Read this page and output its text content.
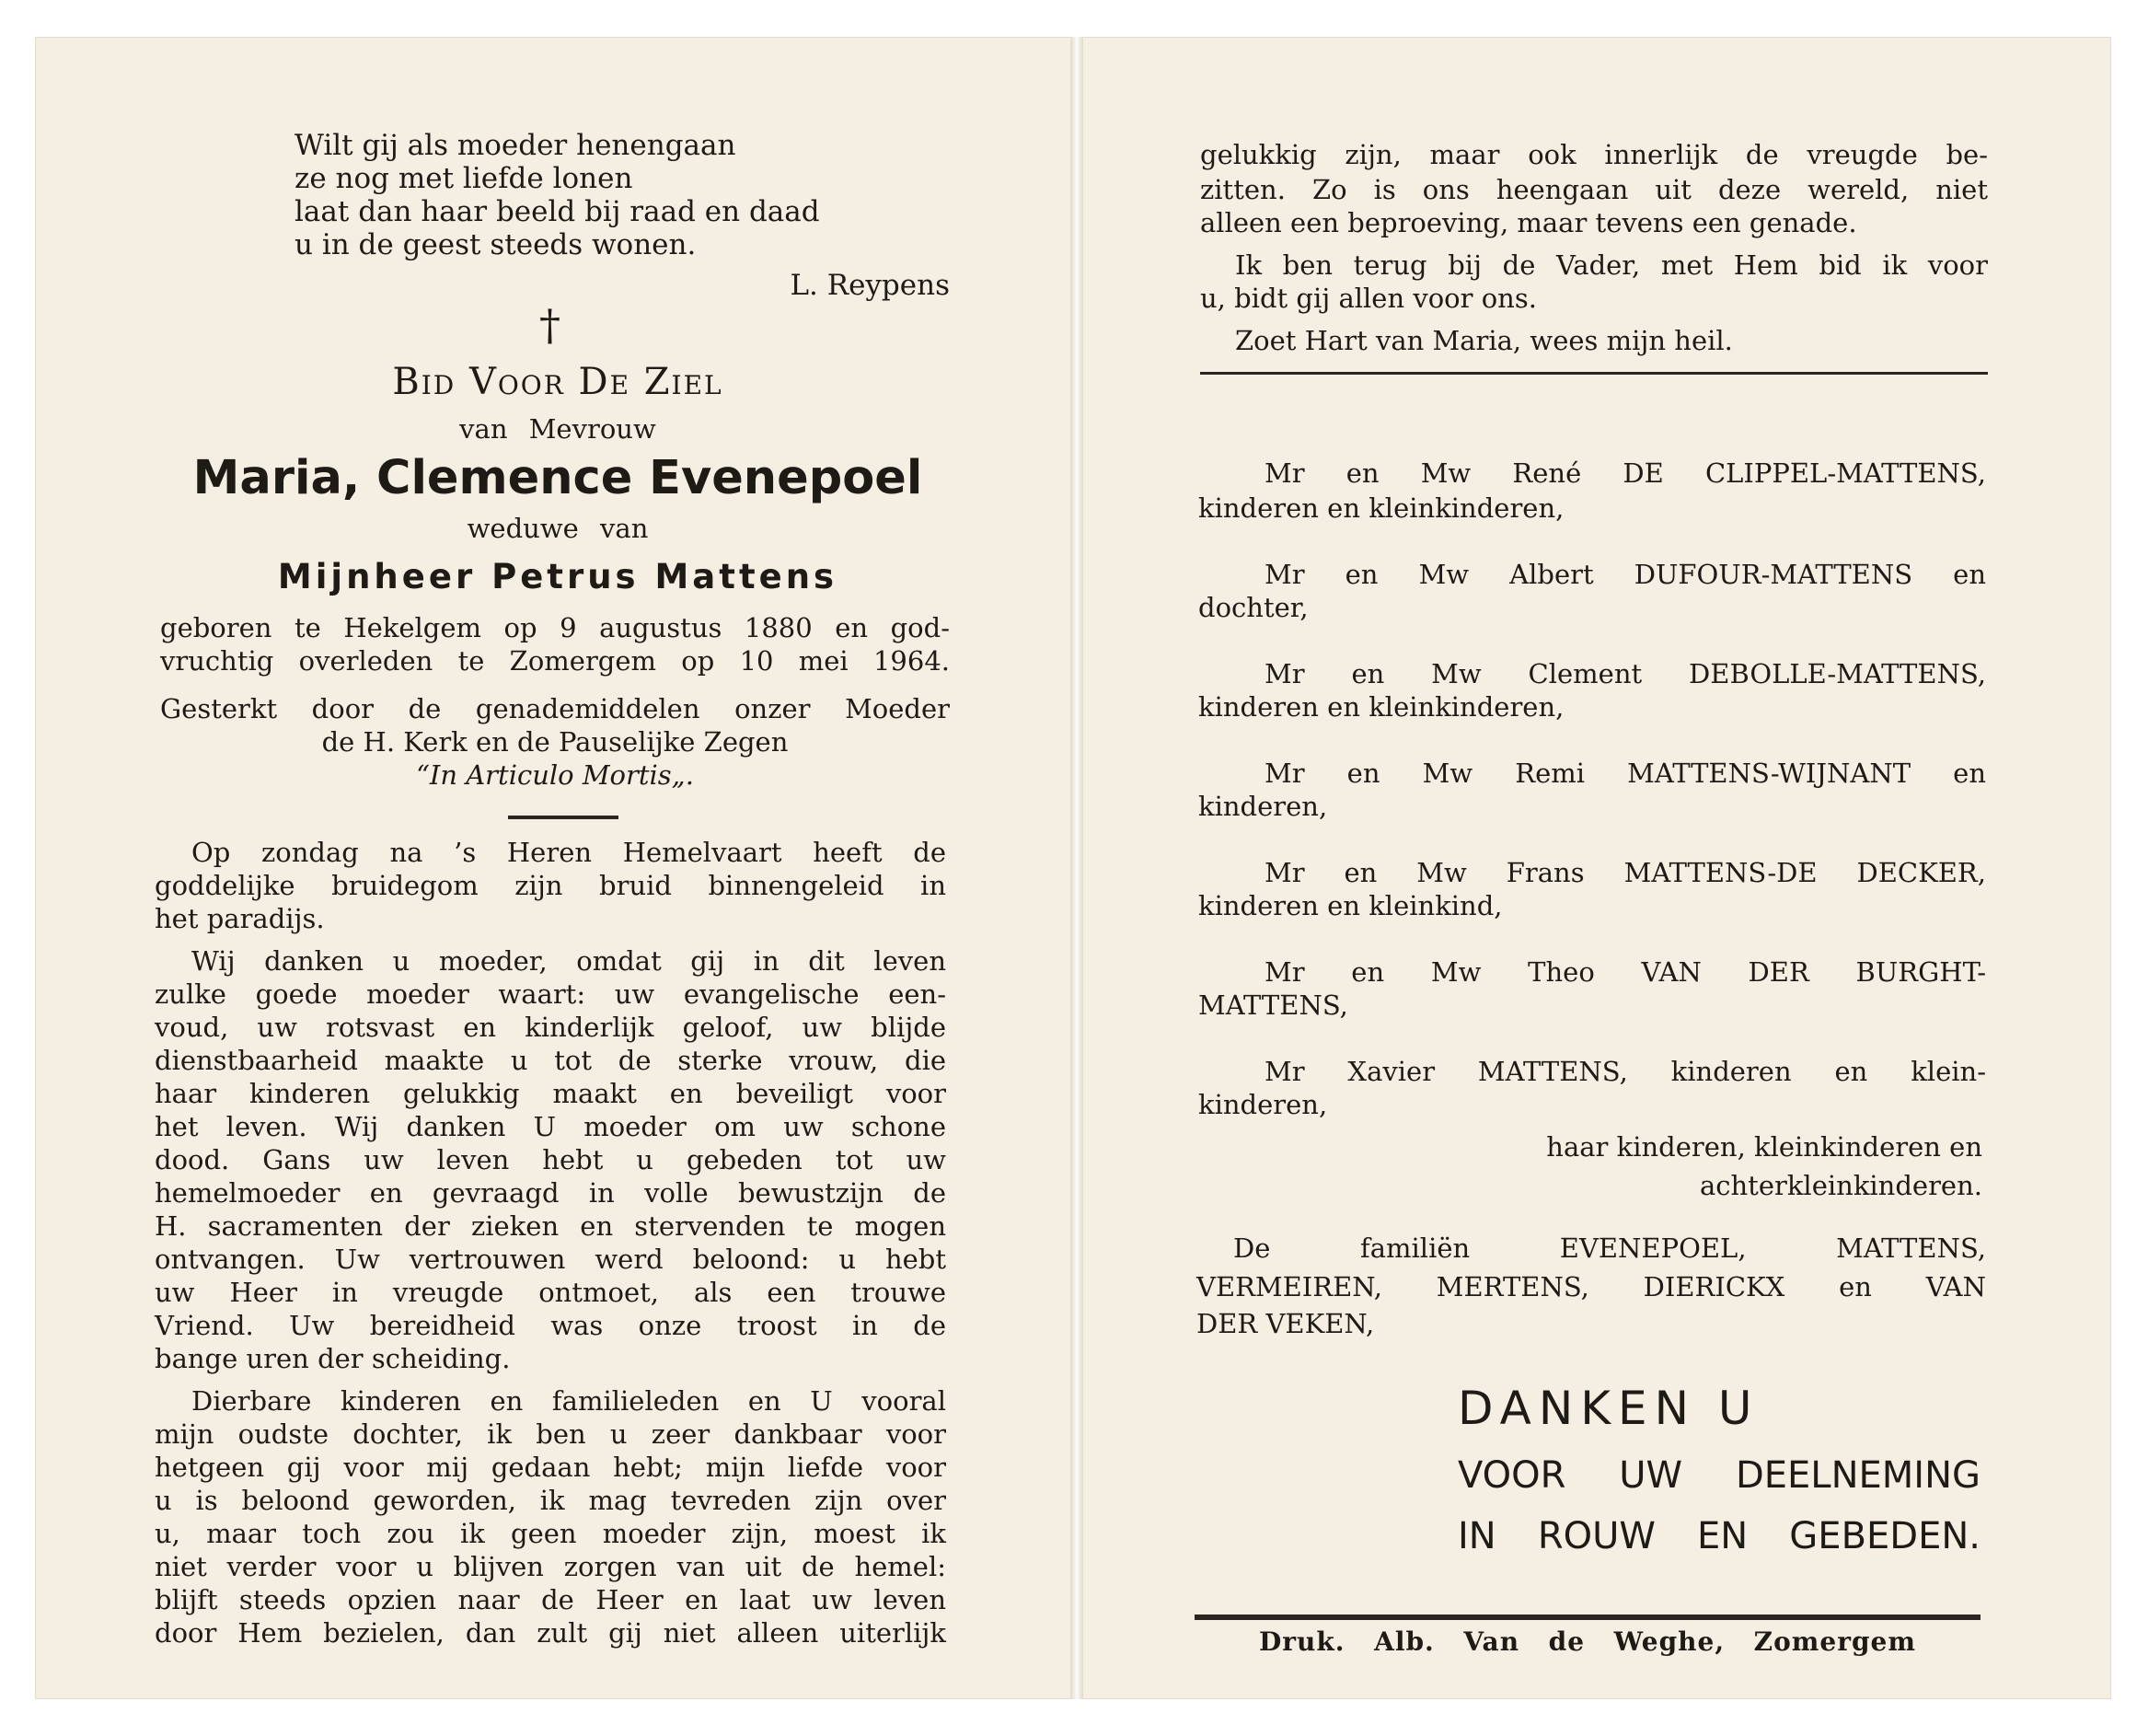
Wilt gij als moeder henengaan
ze nog met liefde lonen
laat dan haar beeld bij raad en daad
u in de geest steeds wonen.
L. Reypens
†
Bid Voor De Ziel
van Mevrouw
Maria, Clemence Evenepoel
weduwe van
Mijnheer Petrus Mattens
geboren te Hekelgem op 9 augustus 1880 en god-
vruchtig overleden te Zomergem op 10 mei 1964.
Gesterkt door de genademiddelen onzer Moeder
de H. Kerk en de Pauselijke Zegen
“In Articulo Mortis„.
Op zondag na ’s Heren Hemelvaart heeft de
goddelijke bruidegom zijn bruid binnengeleid in
het paradijs.
Wij danken u moeder, omdat gij in dit leven
zulke goede moeder waart: uw evangelische een-
voud, uw rotsvast en kinderlijk geloof, uw blijde
dienstbaarheid maakte u tot de sterke vrouw, die
haar kinderen gelukkig maakt en beveiligt voor
het leven. Wij danken U moeder om uw schone
dood. Gans uw leven hebt u gebeden tot uw
hemelmoeder en gevraagd in volle bewustzijn de
H. sacramenten der zieken en stervenden te mogen
ontvangen. Uw vertrouwen werd beloond: u hebt
uw Heer in vreugde ontmoet, als een trouwe
Vriend. Uw bereidheid was onze troost in de
bange uren der scheiding.
Dierbare kinderen en familieleden en U vooral
mijn oudste dochter, ik ben u zeer dankbaar voor
hetgeen gij voor mij gedaan hebt; mijn liefde voor
u is beloond geworden, ik mag tevreden zijn over
u, maar toch zou ik geen moeder zijn, moest ik
niet verder voor u blijven zorgen van uit de hemel:
blijft steeds opzien naar de Heer en laat uw leven
door Hem bezielen, dan zult gij niet alleen uiterlijk
gelukkig zijn, maar ook innerlijk de vreugde be-
zitten. Zo is ons heengaan uit deze wereld, niet
alleen een beproeving, maar tevens een genade.
Ik ben terug bij de Vader, met Hem bid ik voor
u, bidt gij allen voor ons.
Zoet Hart van Maria, wees mijn heil.
Mr en Mw René DE CLIPPEL-MATTENS,
kinderen en kleinkinderen,
Mr en Mw Albert DUFOUR-MATTENS en
dochter,
Mr en Mw Clement DEBOLLE-MATTENS,
kinderen en kleinkinderen,
Mr en Mw Remi MATTENS-WIJNANT en
kinderen,
Mr en Mw Frans MATTENS-DE DECKER,
kinderen en kleinkind,
Mr en Mw Theo VAN DER BURGHT-
MATTENS,
Mr Xavier MATTENS, kinderen en klein-
kinderen,
haar kinderen, kleinkinderen en
achterkleinkinderen.
De familiën EVENEPOEL, MATTENS,
VERMEIREN, MERTENS, DIERICKX en VAN
DER VEKEN,
DANKEN U
VOOR UW DEELNEMING
IN ROUW EN GEBEDEN.
Druk. Alb. Van de Weghe, Zomergem
